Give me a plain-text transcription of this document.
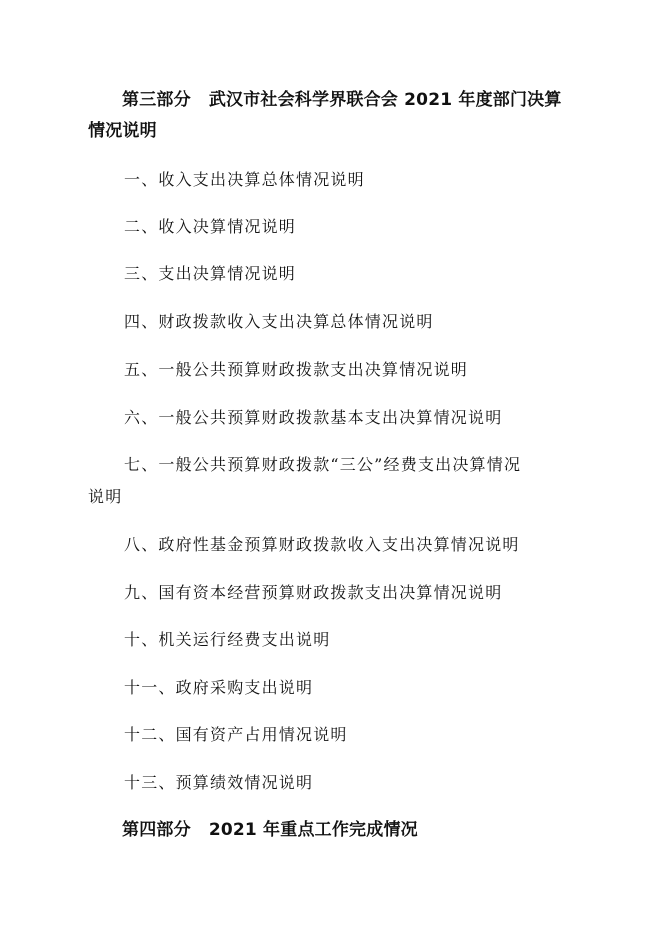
第三部分 武汉市社会科学界联合会 2021 年度部门决算
情况说明
一、收入支出决算总体情况说明
二、收入决算情况说明
三、支出决算情况说明
四、财政拨款收入支出决算总体情况说明
五、一般公共预算财政拨款支出决算情况说明
六、一般公共预算财政拨款基本支出决算情况说明
七、一般公共预算财政拨款“三公”经费支出决算情况
说明
八、政府性基金预算财政拨款收入支出决算情况说明
九、国有资本经营预算财政拨款支出决算情况说明
十、机关运行经费支出说明
十一、政府采购支出说明
十二、国有资产占用情况说明
十三、预算绩效情况说明
第四部分 2021 年重点工作完成情况
